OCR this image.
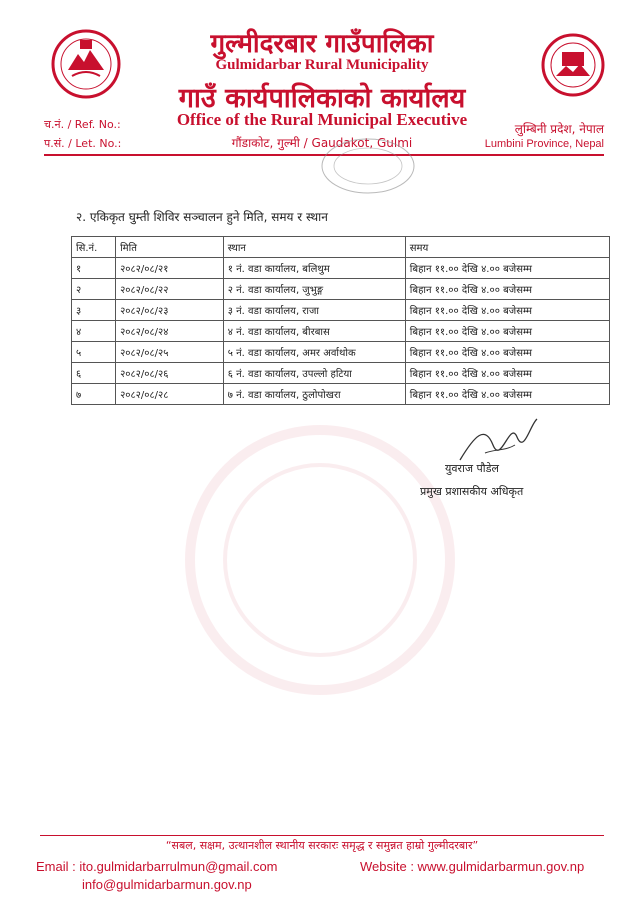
गुल्मीदरबार गाउँपालिका
Gulmidarbar Rural Municipality
गाउँ कार्यपालिकाको कार्यालय
Office of the Rural Municipal Executive
गौंडाकोट, गुल्मी / Gaudakot, Gulmi
च.नं. / Ref. No.:
प.सं. / Let. No.:
लुम्बिनी प्रदेश, नेपाल
Lumbini Province, Nepal
२. एकिकृत घुम्ती शिविर सञ्चालन हुने मिति, समय र स्थान
सि.नं.	मिति	स्थान	समय
१	२०८२/०८/२१	१ नं. वडा कार्यालय, बलिथुम	बिहान ११.०० देखि ४.०० बजेसम्म
२	२०८२/०८/२२	२ नं. वडा कार्यालय, जुभुङ्ग	बिहान ११.०० देखि ४.०० बजेसम्म
३	२०८२/०८/२३	३ नं. वडा कार्यालय, राजा	बिहान ११.०० देखि ४.०० बजेसम्म
४	२०८२/०८/२४	४ नं. वडा कार्यालय, बीरबास	बिहान ११.०० देखि ४.०० बजेसम्म
५	२०८२/०८/२५	५ नं. वडा कार्यालय, अमर अर्वाथोक	बिहान ११.०० देखि ४.०० बजेसम्म
६	२०८२/०८/२६	६ नं. वडा कार्यालय, उपल्लो हटिया	बिहान ११.०० देखि ४.०० बजेसम्म
७	२०८२/०८/२८	७ नं. वडा कार्यालय, ठुलोपोखरा	बिहान ११.०० देखि ४.०० बजेसम्म
युवराज पौडेल
प्रमुख प्रशासकीय अधिकृत
“सबल, सक्षम, उत्थानशील स्थानीय सरकारः समृद्ध र समुन्नत हाम्रो गुल्मीदरबार”
Email : ito.gulmidarbarrulmun@gmail.com
info@gulmidarbarmun.gov.np
Website : www.gulmidarbarmun.gov.np
